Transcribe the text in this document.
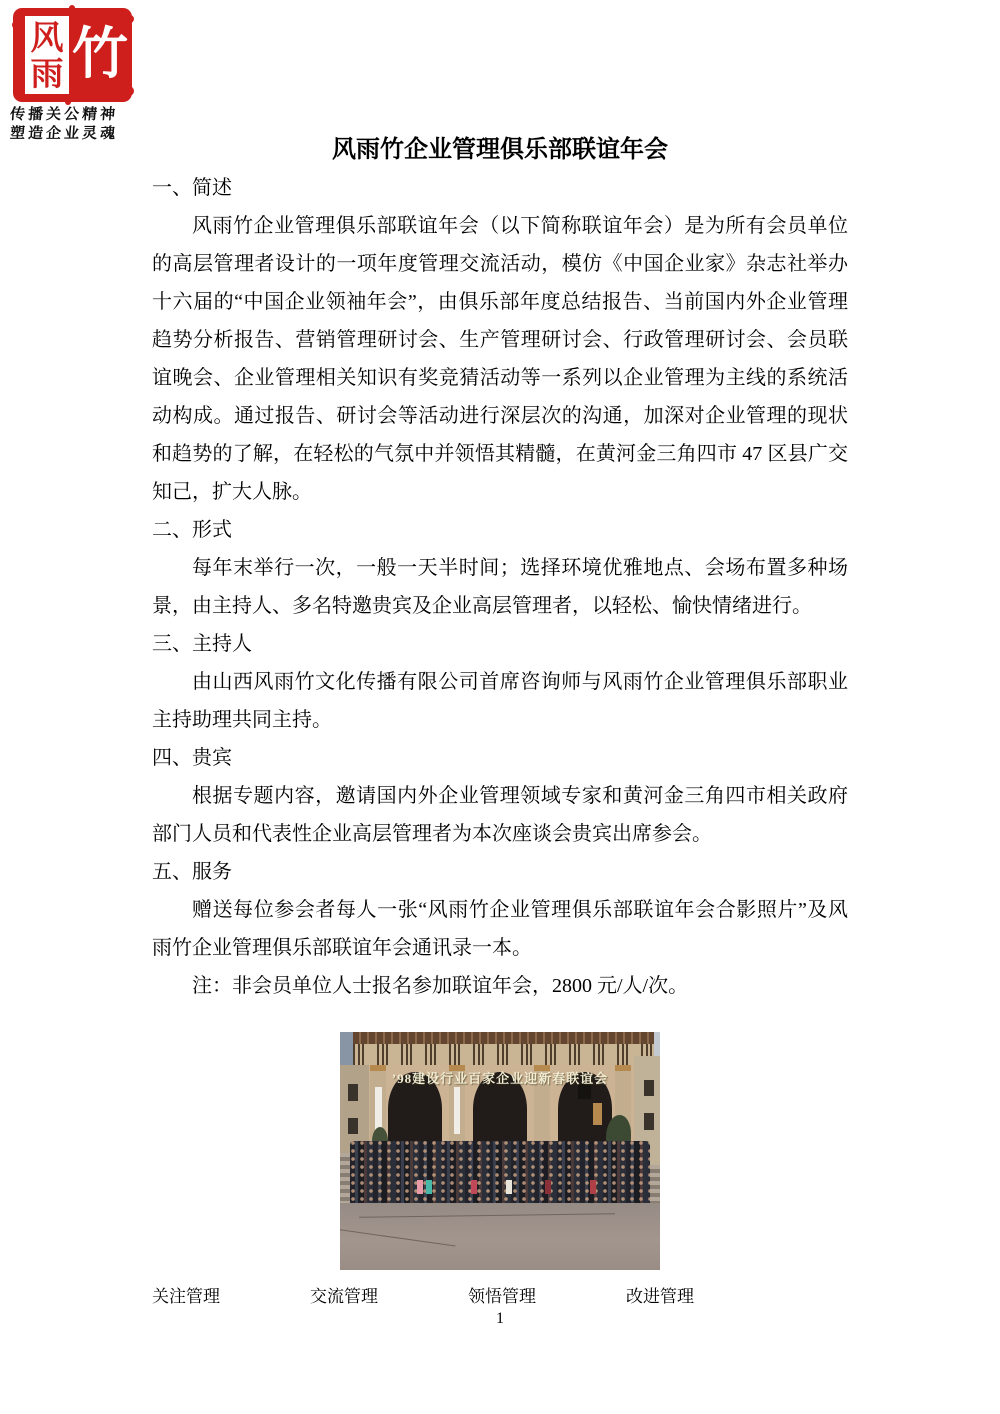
风
雨 竹
传播关公精神
塑造企业灵魂
风雨竹企业管理俱乐部联谊年会
一、简述

风雨竹企业管理俱乐部联谊年会（以下简称联谊年会）是为所有会员单位的高层管理者设计的一项年度管理交流活动，模仿《中国企业家》杂志社举办十六届的“中国企业领袖年会”，由俱乐部年度总结报告、当前国内外企业管理趋势分析报告、营销管理研讨会、生产管理研讨会、行政管理研讨会、会员联谊晚会、企业管理相关知识有奖竞猜活动等一系列以企业管理为主线的系统活动构成。通过报告、研讨会等活动进行深层次的沟通，加深对企业管理的现状和趋势的了解，在轻松的气氛中并领悟其精髓，在黄河金三角四市 47 区县广交知己，扩大人脉。

二、形式

每年末举行一次，一般一天半时间；选择环境优雅地点、会场布置多种场景，由主持人、多名特邀贵宾及企业高层管理者，以轻松、愉快情绪进行。

三、主持人

由山西风雨竹文化传播有限公司首席咨询师与风雨竹企业管理俱乐部职业主持助理共同主持。

四、贵宾

根据专题内容，邀请国内外企业管理领域专家和黄河金三角四市相关政府部门人员和代表性企业高层管理者为本次座谈会贵宾出席参会。

五、服务

赠送每位参会者每人一张“风雨竹企业管理俱乐部联谊年会合影照片”及风雨竹企业管理俱乐部联谊年会通讯录一本。

注：非会员单位人士报名参加联谊年会，2800 元/人/次。

’98建设行业百家企业迎新春联谊会
关注管理	交流管理	领悟管理	改进管理
1
